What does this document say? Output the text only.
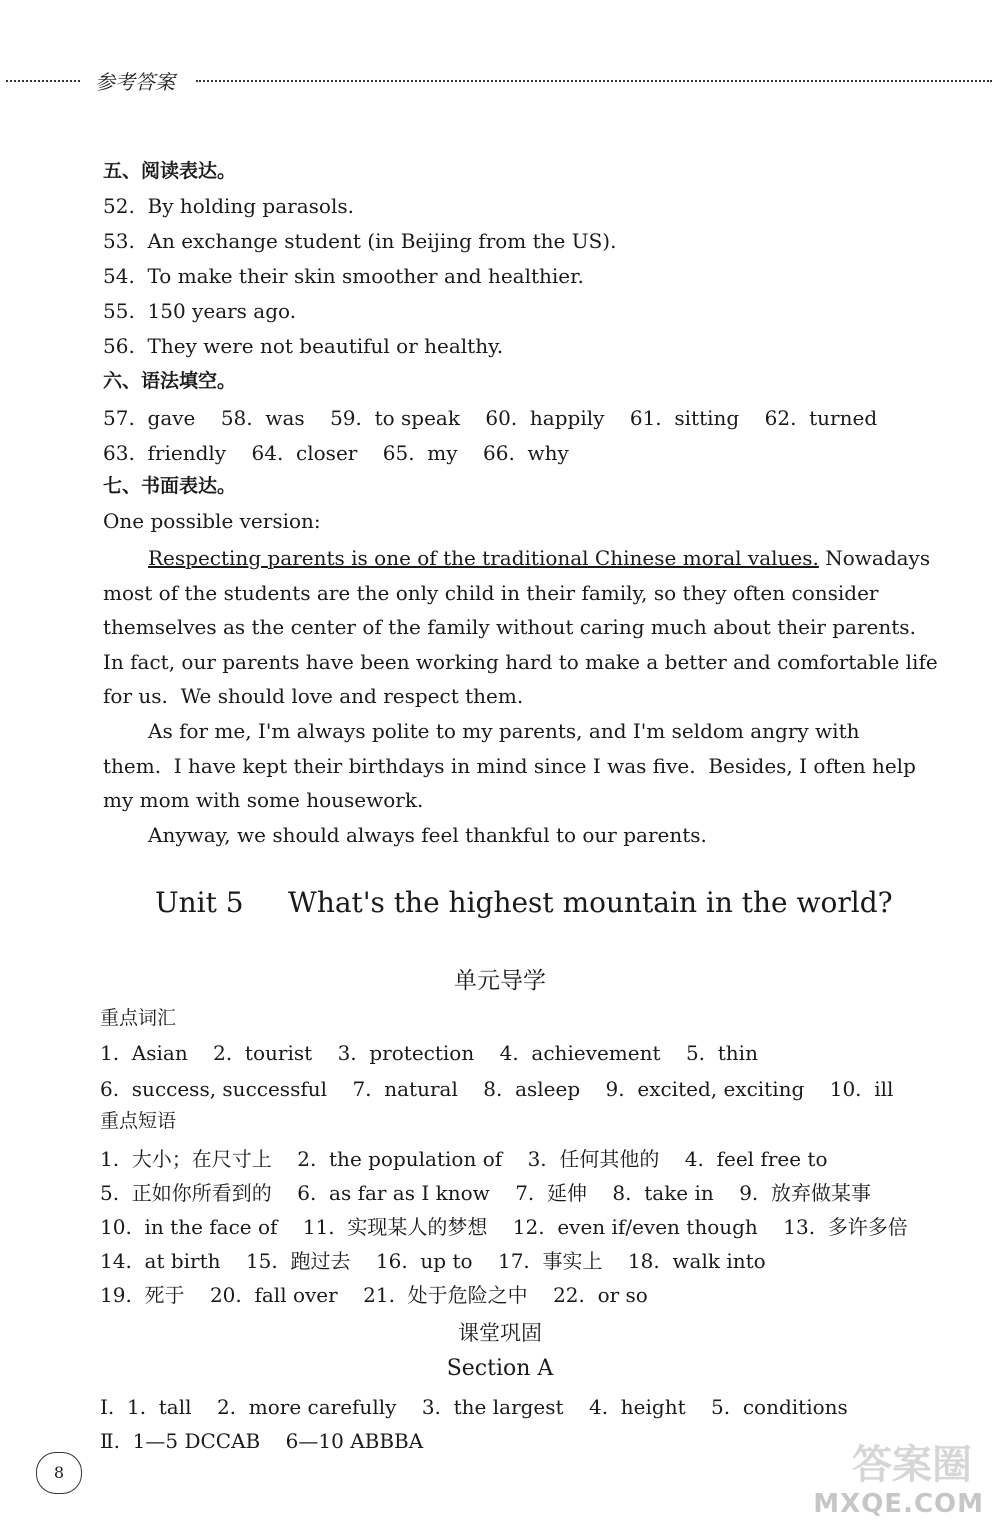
参考答案
五、阅读表达。
52.  By holding parasols.
53.  An exchange student (in Beijing from the US).
54.  To make their skin smoother and healthier.
55.  150 years ago.
56.  They were not beautiful or healthy.
六、语法填空。
57.  gave    58.  was    59.  to speak    60.  happily    61.  sitting    62.  turned
63.  friendly    64.  closer    65.  my    66.  why
七、书面表达。
One possible version:
Respecting parents is one of the traditional Chinese moral values. Nowadays
most of the students are the only child in their family, so they often consider
themselves as the center of the family without caring much about their parents.
In fact, our parents have been working hard to make a better and comfortable life
for us.  We should love and respect them.
As for me, I'm always polite to my parents, and I'm seldom angry with
them.  I have kept their birthdays in mind since I was five.  Besides, I often help
my mom with some housework.
Anyway, we should always feel thankful to our parents.
Unit 5     What's the highest mountain in the world?
单元导学
重点词汇
1.  Asian    2.  tourist    3.  protection    4.  achievement    5.  thin
6.  success, successful    7.  natural    8.  asleep    9.  excited, exciting    10.  ill
重点短语
1.  大小；在尺寸上    2.  the population of    3.  任何其他的    4.  feel free to
5.  正如你所看到的    6.  as far as I know    7.  延伸    8.  take in    9.  放弃做某事
10.  in the face of    11.  实现某人的梦想    12.  even if/even though    13.  多许多倍
14.  at birth    15.  跑过去    16.  up to    17.  事实上    18.  walk into
19.  死于    20.  fall over    21.  处于危险之中    22.  or so
课堂巩固
Section A
Ⅰ.  1.  tall    2.  more carefully    3.  the largest    4.  height    5.  conditions
Ⅱ.  1—5 DCCAB    6—10 ABBBA
8	答案圈
MXQE.COM
